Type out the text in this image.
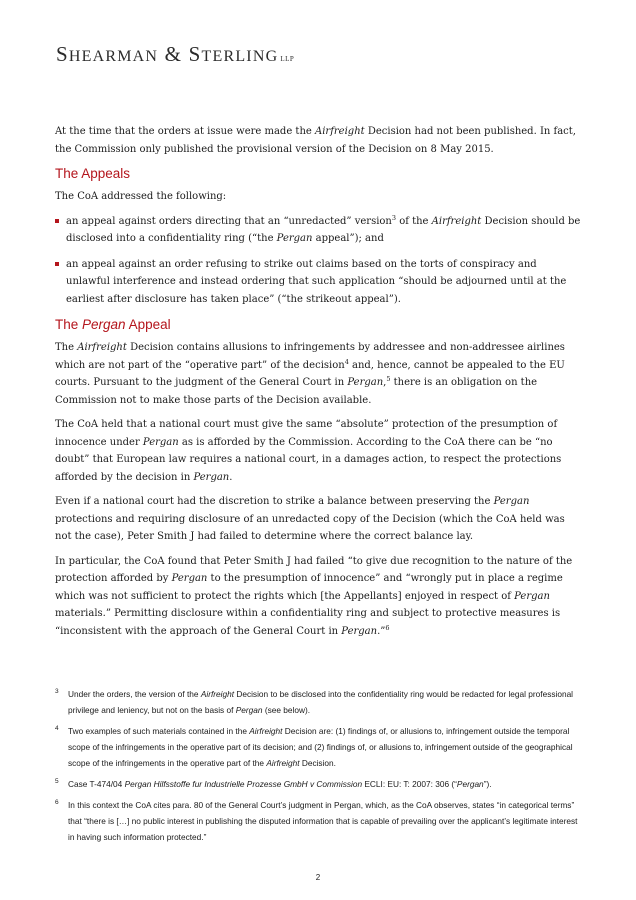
SHEARMAN & STERLING LLP

At the time that the orders at issue were made the Airfreight Decision had not been published. In fact, the Commission only published the provisional version of the Decision on 8 May 2015.

The Appeals

The CoA addressed the following:

an appeal against orders directing that an “unredacted” version$^3$ of the Airfreight Decision should be disclosed into a confidentiality ring (“the Pergan appeal”); and
an appeal against an order refusing to strike out claims based on the torts of conspiracy and unlawful interference and instead ordering that such application “should be adjourned until at the earliest after disclosure has taken place” (“the strikeout appeal”).
The Pergan Appeal

The Airfreight Decision contains allusions to infringements by addressee and non-addressee airlines which are not part of the “operative part” of the decision$^4$ and, hence, cannot be appealed to the EU courts. Pursuant to the judgment of the General Court in Pergan,$^5$ there is an obligation on the Commission not to make those parts of the Decision available.

The CoA held that a national court must give the same “absolute” protection of the presumption of innocence under Pergan as is afforded by the Commission. According to the CoA there can be “no doubt” that European law requires a national court, in a damages action, to respect the protections afforded by the decision in Pergan.

Even if a national court had the discretion to strike a balance between preserving the Pergan protections and requiring disclosure of an unredacted copy of the Decision (which the CoA held was not the case), Peter Smith J had failed to determine where the correct balance lay.

In particular, the CoA found that Peter Smith J had failed “to give due recognition to the nature of the protection afforded by Pergan to the presumption of innocence” and “wrongly put in place a regime which was not sufficient to protect the rights which [the Appellants] enjoyed in respect of Pergan materials.” Permitting disclosure within a confidentiality ring and subject to protective measures is “inconsistent with the approach of the General Court in Pergan.”$^6$

3 Under the orders, the version of the Airfreight Decision to be disclosed into the confidentiality ring would be redacted for legal professional privilege and leniency, but not on the basis of Pergan (see below).
4 Two examples of such materials contained in the Airfreight Decision are: (1) findings of, or allusions to, infringement outside the temporal scope of the infringements in the operative part of its decision; and (2) findings of, or allusions to, infringement outside of the geographical scope of the infringements in the operative part of the Airfreight Decision.
5 Case T-474/04 Pergan Hilfsstoffe fur Industrielle Prozesse GmbH v Commission ECLI: EU: T: 2007: 306 (“Pergan”).
6 In this context the CoA cites para. 80 of the General Court’s judgment in Pergan, which, as the CoA observes, states “in categorical terms” that “there is […] no public interest in publishing the disputed information that is capable of prevailing over the applicant’s legitimate interest in having such information protected.”
2
